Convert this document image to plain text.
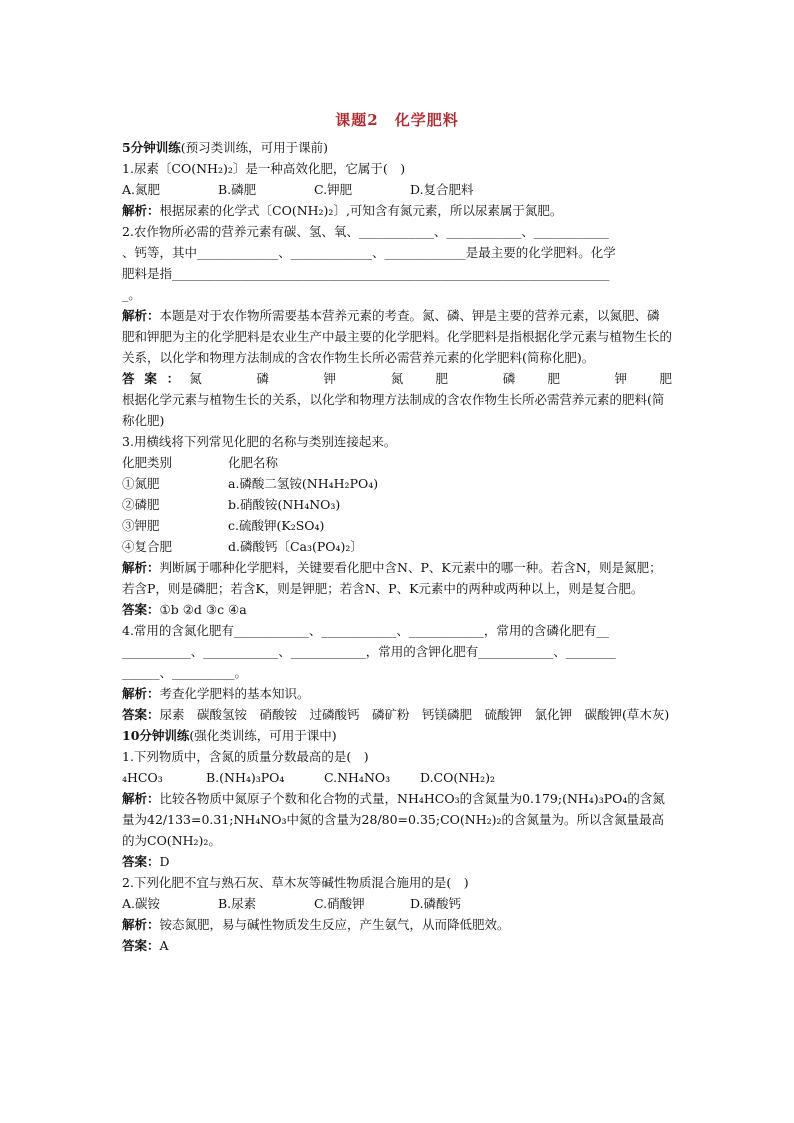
课题2　化学肥料

5分钟训练(预习类训练，可用于课前)

1.尿素〔CO(NH₂)₂〕是一种高效化肥，它属于(　)

A.氮肥	B.磷肥	C.钾肥	D.复合肥料

解析：根据尿素的化学式〔CO(NH₂)₂〕,可知含有氮元素，所以尿素属于氮肥。

2.农作物所必需的营养元素有碳、氢、氧、____________、____________、____________

、钙等，其中_____________、_____________、_____________是最主要的化学肥料。化学

肥料是指______________________________________________________________________

_。

解析：本题是对于农作物所需要基本营养元素的考查。氮、磷、钾是主要的营养元素，以氮肥、磷肥和钾肥为主的化学肥料是农业生产中最主要的化学肥料。化学肥料是指根据化学元素与植物生长的关系，以化学和物理方法制成的含农作物生长所必需营养元素的化学肥料(简称化肥)。

答案：氮　　磷　　钾　　氮　肥　　磷　肥　　钾　肥

根据化学元素与植物生长的关系，以化学和物理方法制成的含农作物生长所必需营养元素的肥料(简称化肥)

3.用横线将下列常见化肥的名称与类别连接起来。

化肥类别	化肥名称

①氮肥	a.磷酸二氢铵(NH₄H₂PO₄)

②磷肥	b.硝酸铵(NH₄NO₃)

③钾肥	c.硫酸钾(K₂SO₄)

④复合肥	d.磷酸钙〔Ca₃(PO₄)₂〕

解析：判断属于哪种化学肥料，关键要看化肥中含N、P、K元素中的哪一种。若含N，则是氮肥；若含P，则是磷肥；若含K，则是钾肥；若含N、P、K元素中的两种或两种以上，则是复合肥。

答案：①b ②d ③c ④a

4.常用的含氮化肥有____________、____________、____________，常用的含磷化肥有__

___________、____________、____________，常用的含钾化肥有____________、________

______、__________。

解析：考查化学肥料的基本知识。

答案：尿素　碳酸氢铵　硝酸铵　过磷酸钙　磷矿粉　钙镁磷肥　硫酸钾　氯化钾　碳酸钾(草木灰)

10分钟训练(强化类训练，可用于课中)

1.下列物质中，含氮的质量分数最高的是(　)

₄HCO₃	B.(NH₄)₃PO₄	C.NH₄NO₃ D.CO(NH₂)₂

解析：比较各物质中氮原子个数和化合物的式量，NH₄HCO₃的含氮量为0.179;(NH₄)₃PO₄的含氮量为42/133=0.31;NH₄NO₃中氮的含量为28/80=0.35;CO(NH₂)₂的含氮量为。所以含氮量最高的为CO(NH₂)₂。

答案：D

2.下列化肥不宜与熟石灰、草木灰等碱性物质混合施用的是(　)

A.碳铵	B.尿素	C.硝酸钾	D.磷酸钙

解析：铵态氮肥，易与碱性物质发生反应，产生氨气，从而降低肥效。

答案：A
